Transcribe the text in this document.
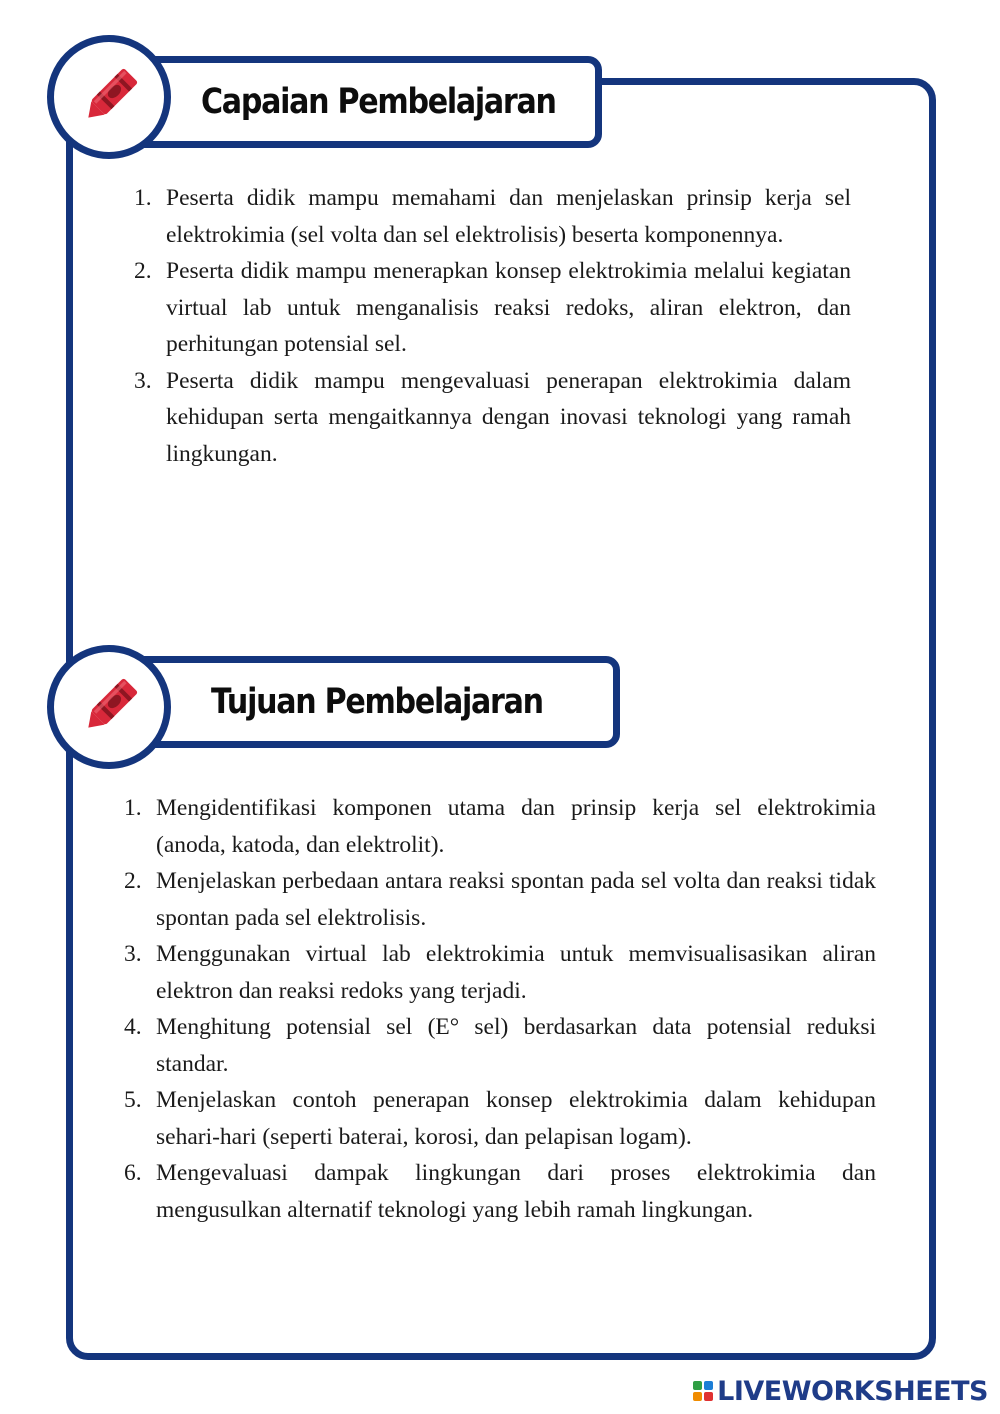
Capaian Pembelajaran
1. Peserta didik mampu memahami dan menjelaskan prinsip kerja sel elektrokimia (sel volta dan sel elektrolisis) beserta komponennya.
2. Peserta didik mampu menerapkan konsep elektrokimia melalui kegiatan virtual lab untuk menganalisis reaksi redoks, aliran elektron, dan perhitungan potensial sel.
3. Peserta didik mampu mengevaluasi penerapan elektrokimia dalam kehidupan serta mengaitkannya dengan inovasi teknologi yang ramah lingkungan.
Tujuan Pembelajaran
1. Mengidentifikasi komponen utama dan prinsip kerja sel elektrokimia (anoda, katoda, dan elektrolit).
2. Menjelaskan perbedaan antara reaksi spontan pada sel volta dan reaksi tidak spontan pada sel elektrolisis.
3. Menggunakan virtual lab elektrokimia untuk memvisualisasikan aliran elektron dan reaksi redoks yang terjadi.
4. Menghitung potensial sel (E° sel) berdasarkan data potensial reduksi standar.
5. Menjelaskan contoh penerapan konsep elektrokimia dalam kehidupan sehari-hari (seperti baterai, korosi, dan pelapisan logam).
6. Mengevaluasi dampak lingkungan dari proses elektrokimia dan mengusulkan alternatif teknologi yang lebih ramah lingkungan.
LIVEWORKSHEETS
